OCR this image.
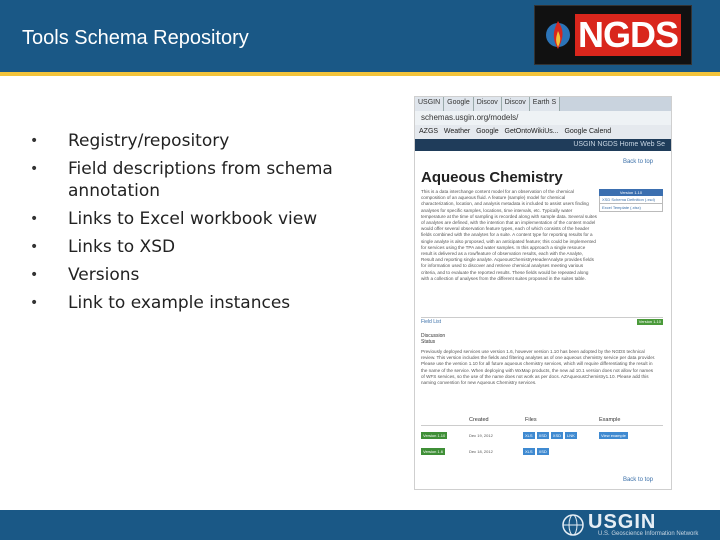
Tools Schema Repository	NGDS
•	Registry/repository
•	Field descriptions from schema annotation
•	Links to Excel workbook view
•	Links to XSD
•	Versions
•	Link to example instances
USGIN	Google	Discov	Discov	Earth S
schemas.usgin.org/models/
AZGS Weather Google GetOntoWikiUs... Google Calend
USGIN NGDS Home Web Se
Back to top
Aqueous Chemistry
This is a data interchange content model for an observation of the chemical composition of an aqueous fluid. A feature (sample) model for chemical characterization, location, and analysis metadata is included to assist users finding analyses for specific samples, locations, time intervals, etc. Typically water temperature at the time of sampling is recorded along with sample data. Several suites of analytes are defined, with the intention that an implementation of the content model would offer several observation feature types, each of which consists of the header fields combined with the analytes for a suite. A content type for reporting results for a single analyte is also proposed, with an anticipated feature; this could be implemented for services using the TPA and water samples. In this approach a single resource result is delivered as a row/feature of observation results, each with the Analyte, Result and reporting single analyte. AqueousChemistryHeaderAnalyte provides fields for information used to discover and retrieve chemical analyses meeting various criteria, and to evaluate the reported results. These fields would be repeated along with a collection of analyses from the different suites proposed in the suites table.
Version 1.10
XSD Schema Definition (.xsd)
Excel Template (.xlsx)
Field List	Version 1.10
Discussion
Status
Previously deployed services use version 1.6, however version 1.10 has been adopted by the NGDS technical review. This version includes the fields and filtering analytes as of one aqueous chemistry service per data provider. Please use the version 1.10 for all future aqueous chemistry services, which will require differentiating the result in the name of the service. When deploying with WxMap products, the new ad 10.1 version does not allow for names of WFS services, so the use of the name does not work as per docs. AZAqueousChemistry1.10. Please add this naming convention for new Aqueous Chemistry services.
Created	Files	Example
Version 1.10	Dec 19, 2012	XLS	XSD	XSD	LNK	View example
Version 1.6	Dec 18, 2012	XLS	XSD
Back to top
USGIN
U.S. Geoscience Information Network
